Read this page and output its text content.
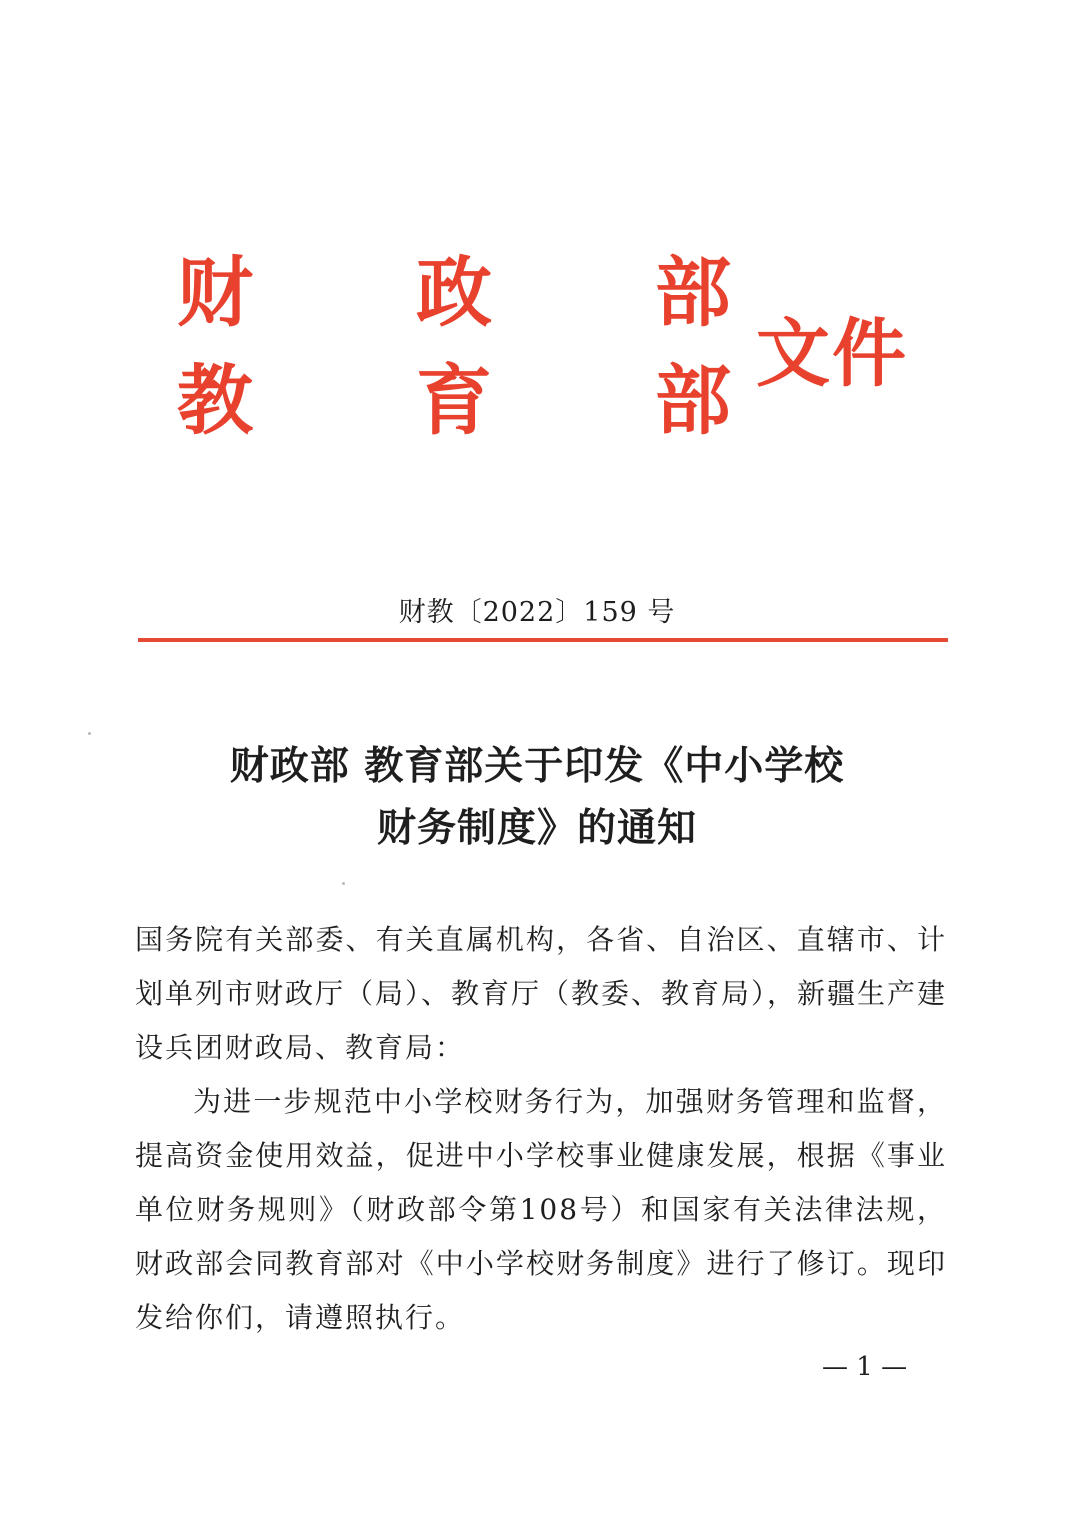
财 政 部
教 育 部
文件
财教〔2022〕159 号
财政部 教育部关于印发《中小学校
财务制度》的通知
国务院有关部委、有关直属机构，各省、自治区、直辖市、计划单列市财政厅（局）、教育厅（教委、教育局），新疆生产建设兵团财政局、教育局：
为进一步规范中小学校财务行为，加强财务管理和监督，提高资金使用效益，促进中小学校事业健康发展，根据《事业单位财务规则》（财政部令第108号）和国家有关法律法规，财政部会同教育部对《中小学校财务制度》进行了修订。现印发给你们，请遵照执行。
— 1 —
